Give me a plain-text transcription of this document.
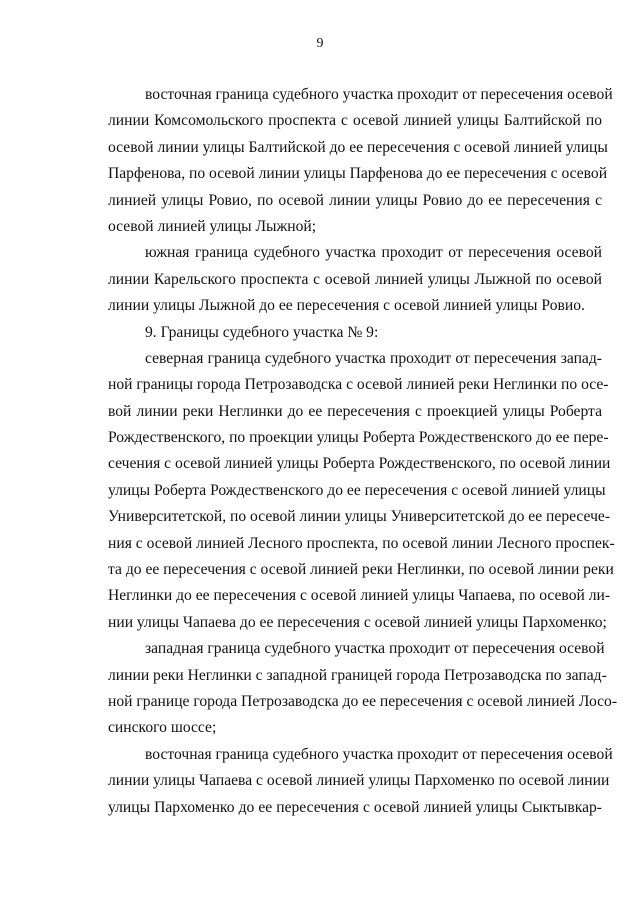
9
восточная граница судебного участка проходит от пересечения осевой
линии Комсомольского проспекта с осевой линией улицы Балтийской по
осевой линии улицы Балтийской до ее пересечения с осевой линией улицы
Парфенова, по осевой линии улицы Парфенова до ее пересечения с осевой
линией улицы Ровио, по осевой линии улицы Ровио до ее пересечения с
осевой линией улицы Лыжной;
южная граница судебного участка проходит от пересечения осевой
линии Карельского проспекта с осевой линией улицы Лыжной по осевой
линии улицы Лыжной до ее пересечения с осевой линией улицы Ровио.
9. Границы судебного участка № 9:
северная граница судебного участка проходит от пересечения запад-
ной границы города Петрозаводска с осевой линией реки Неглинки по осе-
вой линии реки Неглинки до ее пересечения с проекцией улицы Роберта
Рождественского, по проекции улицы Роберта Рождественского до ее пере-
сечения с осевой линией улицы Роберта Рождественского, по осевой линии
улицы Роберта Рождественского до ее пересечения с осевой линией улицы
Университетской, по осевой линии улицы Университетской до ее пересече-
ния с осевой линией Лесного проспекта, по осевой линии Лесного проспек-
та до ее пересечения с осевой линией реки Неглинки, по осевой линии реки
Неглинки до ее пересечения с осевой линией улицы Чапаева, по осевой ли-
нии улицы Чапаева до ее пересечения с осевой линией улицы Пархоменко;
западная граница судебного участка проходит от пересечения осевой
линии реки Неглинки с западной границей города Петрозаводска по запад-
ной границе города Петрозаводска до ее пересечения с осевой линией Лосо-
синского шоссе;
восточная граница судебного участка проходит от пересечения осевой
линии улицы Чапаева с осевой линией улицы Пархоменко по осевой линии
улицы Пархоменко до ее пересечения с осевой линией улицы Сыктывкар-
